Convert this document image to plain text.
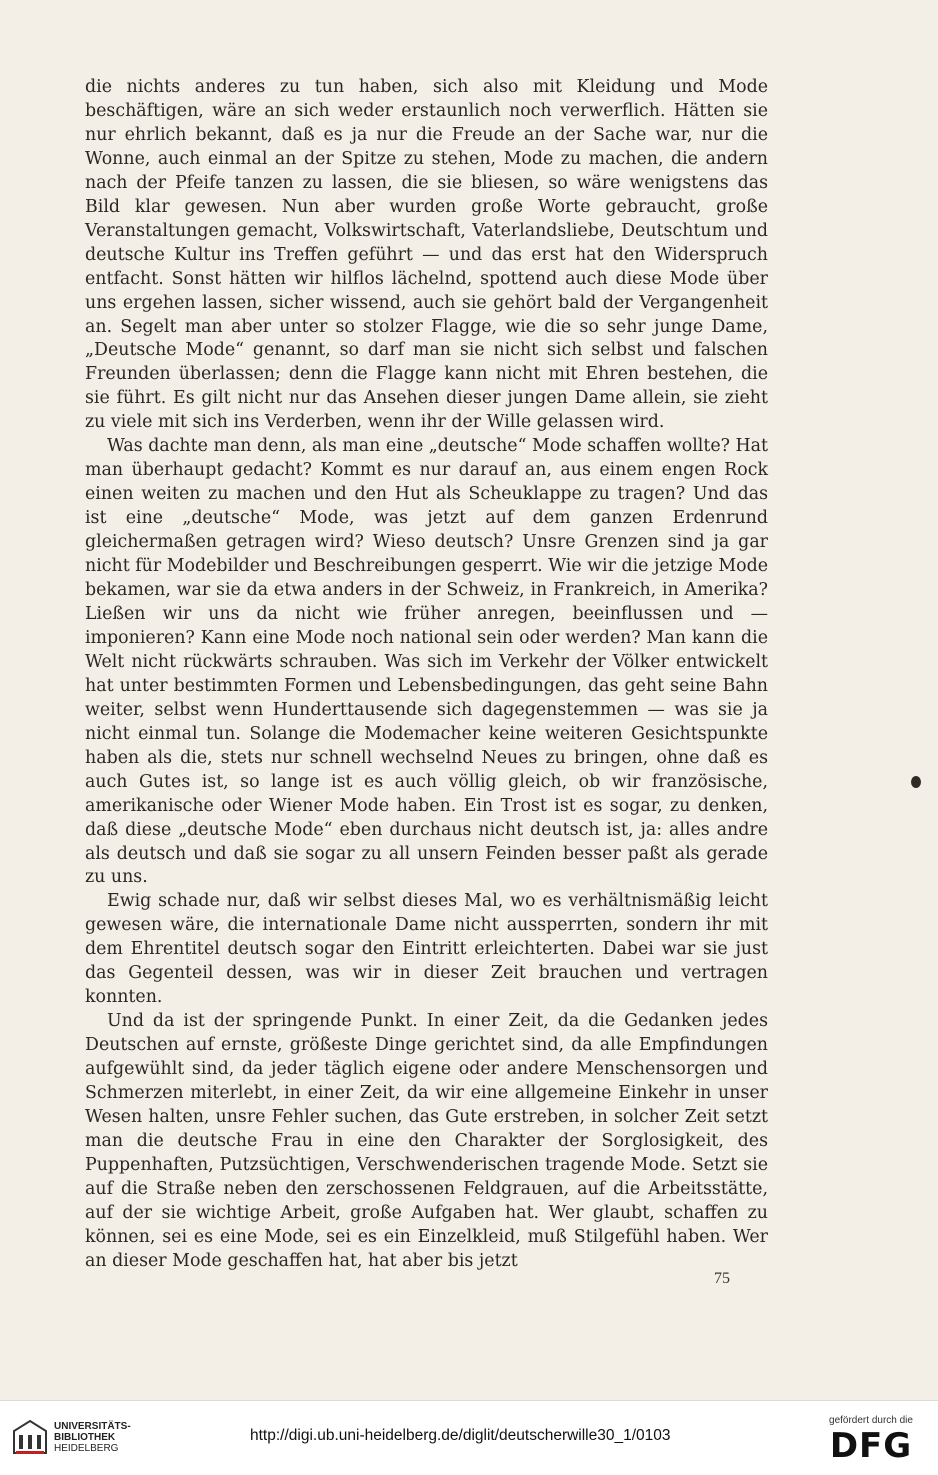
die nichts anderes zu tun haben, sich also mit Kleidung und Mode beschäftigen, wäre an sich weder erstaunlich noch verwerflich. Hätten sie nur ehrlich bekannt, daß es ja nur die Freude an der Sache war, nur die Wonne, auch einmal an der Spitze zu stehen, Mode zu machen, die andern nach der Pfeife tanzen zu lassen, die sie bliesen, so wäre wenigstens das Bild klar gewesen. Nun aber wurden große Worte gebraucht, große Veranstaltungen gemacht, Volkswirtschaft, Vaterlandsliebe, Deutschtum und deutsche Kultur ins Treffen geführt — und das erst hat den Widerspruch entfacht. Sonst hätten wir hilflos lächelnd, spottend auch diese Mode über uns ergehen lassen, sicher wissend, auch sie gehört bald der Vergangenheit an. Segelt man aber unter so stolzer Flagge, wie die so sehr junge Dame, „Deutsche Mode“ genannt, so darf man sie nicht sich selbst und falschen Freunden überlassen; denn die Flagge kann nicht mit Ehren bestehen, die sie führt. Es gilt nicht nur das Ansehen dieser jungen Dame allein, sie zieht zu viele mit sich ins Verderben, wenn ihr der Wille gelassen wird.

Was dachte man denn, als man eine „deutsche“ Mode schaffen wollte? Hat man überhaupt gedacht? Kommt es nur darauf an, aus einem engen Rock einen weiten zu machen und den Hut als Scheuklappe zu tragen? Und das ist eine „deutsche“ Mode, was jetzt auf dem ganzen Erdenrund gleichermaßen getragen wird? Wieso deutsch? Unsre Grenzen sind ja gar nicht für Modebilder und Beschreibungen gesperrt. Wie wir die jetzige Mode bekamen, war sie da etwa anders in der Schweiz, in Frankreich, in Amerika? Ließen wir uns da nicht wie früher anregen, beeinflussen und — imponieren? Kann eine Mode noch national sein oder werden? Man kann die Welt nicht rückwärts schrauben. Was sich im Verkehr der Völker entwickelt hat unter bestimmten Formen und Lebensbedingungen, das geht seine Bahn weiter, selbst wenn Hunderttausende sich dagegenstemmen — was sie ja nicht einmal tun. Solange die Modemacher keine weiteren Gesichtspunkte haben als die, stets nur schnell wechselnd Neues zu bringen, ohne daß es auch Gutes ist, so lange ist es auch völlig gleich, ob wir französische, amerikanische oder Wiener Mode haben. Ein Trost ist es sogar, zu denken, daß diese „deutsche Mode“ eben durchaus nicht deutsch ist, ja: alles andre als deutsch und daß sie sogar zu all unsern Feinden besser paßt als gerade zu uns.

Ewig schade nur, daß wir selbst dieses Mal, wo es verhältnismäßig leicht gewesen wäre, die internationale Dame nicht aussperrten, sondern ihr mit dem Ehrentitel deutsch sogar den Eintritt erleichterten. Dabei war sie just das Gegenteil dessen, was wir in dieser Zeit brauchen und vertragen konnten.

Und da ist der springende Punkt. In einer Zeit, da die Gedanken jedes Deutschen auf ernste, größeste Dinge gerichtet sind, da alle Empfindungen aufgewühlt sind, da jeder täglich eigene oder andere Menschensorgen und Schmerzen miterlebt, in einer Zeit, da wir eine allgemeine Einkehr in unser Wesen halten, unsre Fehler suchen, das Gute erstreben, in solcher Zeit setzt man die deutsche Frau in eine den Charakter der Sorglosigkeit, des Puppenhaften, Putzsüchtigen, Verschwenderischen tragende Mode. Setzt sie auf die Straße neben den zerschossenen Feldgrauen, auf die Arbeitsstätte, auf der sie wichtige Arbeit, große Aufgaben hat. Wer glaubt, schaffen zu können, sei es eine Mode, sei es ein Einzelkleid, muß Stilgefühl haben. Wer an dieser Mode geschaffen hat, hat aber bis jetzt

75
UNIVERSITÄTS-
BIBLIOTHEK
HEIDELBERG
http://digi.ub.uni-heidelberg.de/diglit/deutscherwille30_1/0103
gefördert durch die
DFG
